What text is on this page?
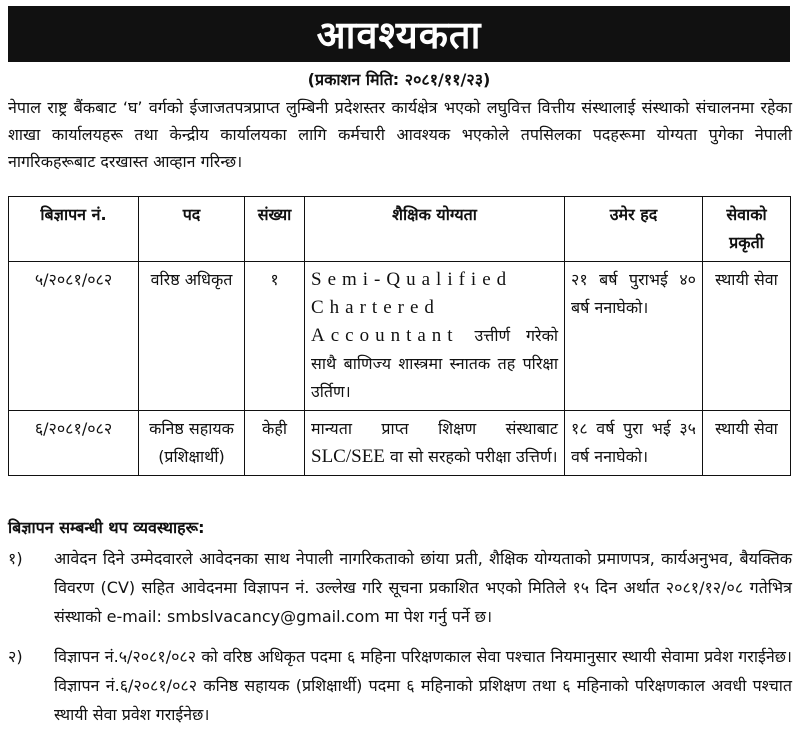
आवश्यकता
(प्रकाशन मिति: २०८१/११/२३)
नेपाल राष्ट्र बैंकबाट ‘घ’ वर्गको ईजाजतपत्रप्राप्त लुम्बिनी प्रदेशस्तर कार्यक्षेत्र भएको लघुवित्त वित्तीय संस्थालाई संस्थाको संचालनमा रहेका शाखा कार्यालयहरू तथा केन्द्रीय कार्यालयका लागि कर्मचारी आवश्यक भएकोले तपसिलका पदहरूमा योग्यता पुगेका नेपाली नागरिकहरूबाट दरखास्त आव्हान गरिन्छ।
बिज्ञापन नं.	पद	संख्या	शैक्षिक योग्यता	उमेर हद	सेवाको प्रकृती
५/२०८१/०८२	वरिष्ठ अधिकृत	१	Semi-Qualified Chartered Accountant उत्तीर्ण गरेको साथै बाणिज्य शास्त्रमा स्नातक तह परिक्षा उर्तिण।	२१ बर्ष पुराभई ४० बर्ष ननाघेको।	स्थायी सेवा
६/२०८१/०८२	कनिष्ठ सहायक (प्रशिक्षार्थी)	केही	मान्यता प्राप्त शिक्षण संस्थाबाट SLC/SEE वा सो सरहको परीक्षा उत्तिर्ण।	१८ वर्ष पुरा भई ३५ वर्ष ननाघेको।	स्थायी सेवा
बिज्ञापन सम्बन्धी थप व्यवस्थाहरू:
१)	आवेदन दिने उम्मेदवारले आवेदनका साथ नेपाली नागरिकताको छांया प्रती, शैक्षिक योग्यताको प्रमाणपत्र, कार्यअनुभव, बैयक्तिक विवरण (CV) सहित आवेदनमा विज्ञापन नं. उल्लेख गरि सूचना प्रकाशित भएको मितिले १५ दिन अर्थात २०८१/१२/०८ गतेभित्र संस्थाको e-mail: smbslvacancy@gmail.com मा पेश गर्नु पर्ने छ।
२)	विज्ञापन नं.५/२०८१/०८२ को वरिष्ठ अधिकृत पदमा ६ महिना परिक्षणकाल सेवा पश्चात नियमानुसार स्थायी सेवामा प्रवेश गराईनेछ। विज्ञापन नं.६/२०८१/०८२ कनिष्ठ सहायक (प्रशिक्षार्थी) पदमा ६ महिनाको प्रशिक्षण तथा ६ महिनाको परिक्षणकाल अवधी पश्चात स्थायी सेवा प्रवेश गराईनेछ।
